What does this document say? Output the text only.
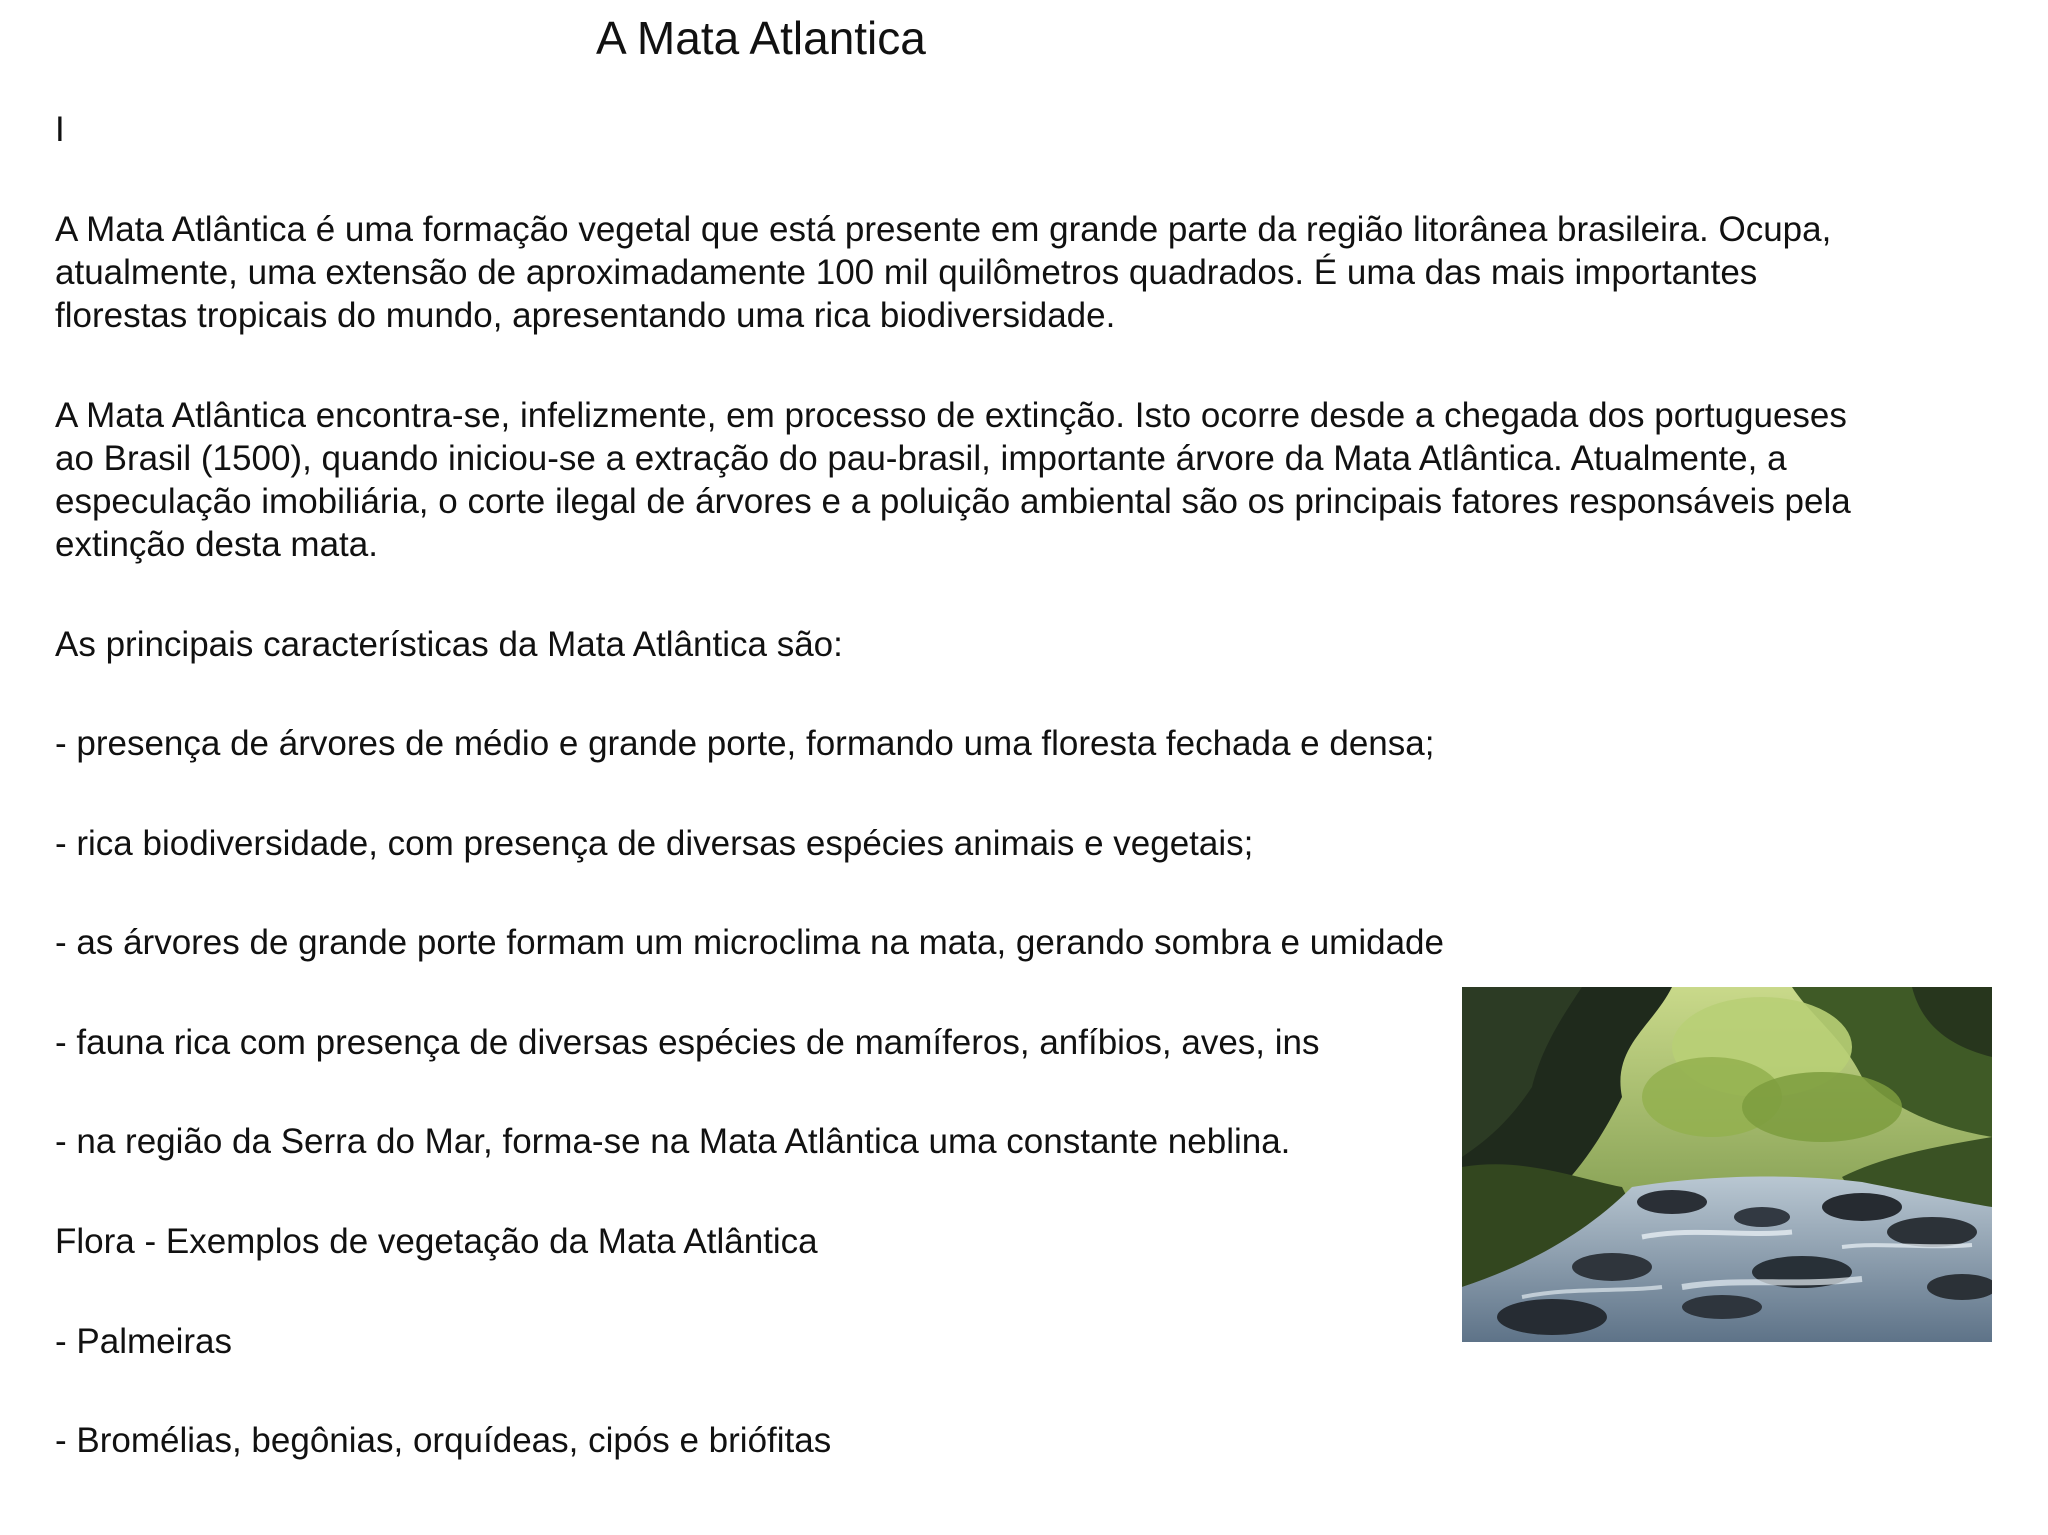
A Mata Atlantica
I
A Mata Atlântica é uma formação vegetal que está presente em grande parte da região litorânea brasileira. Ocupa,
atualmente, uma extensão de aproximadamente 100 mil quilômetros quadrados. É uma das mais importantes
florestas tropicais do mundo, apresentando uma rica biodiversidade.
A Mata Atlântica encontra-se, infelizmente, em processo de extinção. Isto ocorre desde a chegada dos portugueses
ao Brasil (1500), quando iniciou-se a extração do pau-brasil, importante árvore da Mata Atlântica. Atualmente, a
especulação imobiliária, o corte ilegal de árvores e a poluição ambiental são os principais fatores responsáveis pela
extinção desta mata.
As principais características da Mata Atlântica são:
- presença de árvores de médio e grande porte, formando uma floresta fechada e densa;
- rica biodiversidade, com presença de diversas espécies animais e vegetais;
- as árvores de grande porte formam um microclima na mata, gerando sombra e umidade
- fauna rica com presença de diversas espécies de mamíferos, anfíbios, aves, ins
- na região da Serra do Mar, forma-se na Mata Atlântica uma constante neblina.
Flora - Exemplos de vegetação da Mata Atlântica
- Palmeiras
- Bromélias, begônias, orquídeas, cipós e briófitas
